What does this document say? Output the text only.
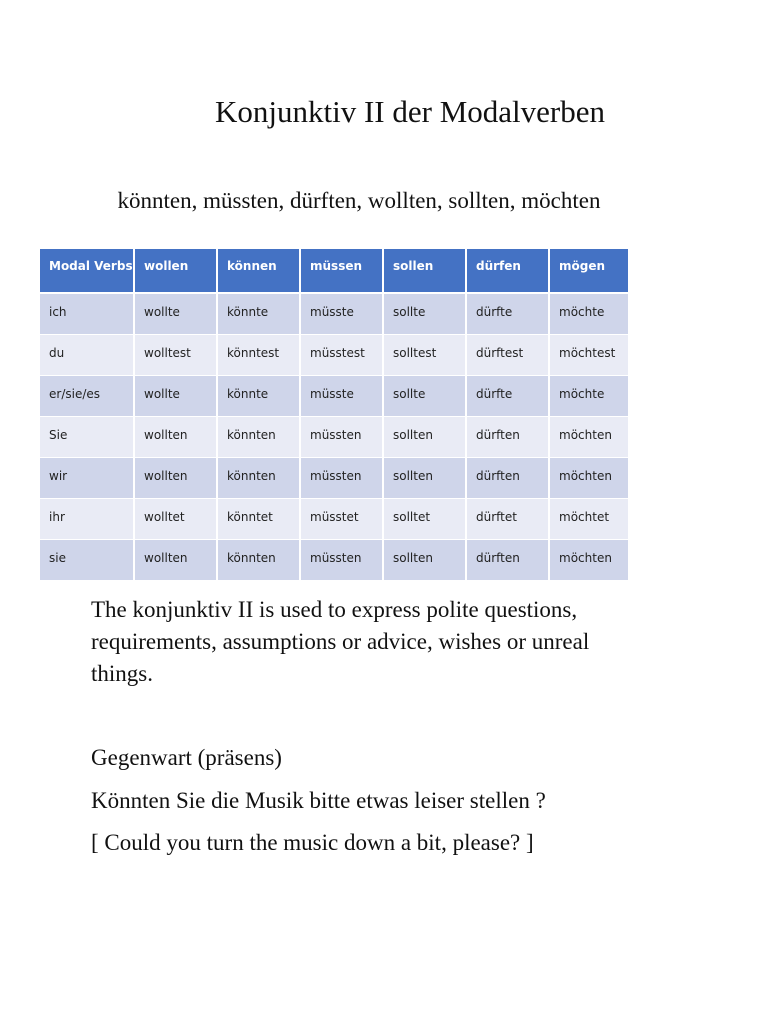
Konjunktiv II der Modalverben
könnten, müssten, dürften, wollten, sollten, möchten
Modal Verbs	wollen	können	müssen	sollen	dürfen	mögen
ich	wollte	könnte	müsste	sollte	dürfte	möchte
du	wolltest	könntest	müsstest	solltest	dürftest	möchtest
er/sie/es	wollte	könnte	müsste	sollte	dürfte	möchte
Sie	wollten	könnten	müssten	sollten	dürften	möchten
wir	wollten	könnten	müssten	sollten	dürften	möchten
ihr	wolltet	könntet	müsstet	solltet	dürftet	möchtet
sie	wollten	könnten	müssten	sollten	dürften	möchten
The konjunktiv II is used to express polite questions, requirements, assumptions or advice, wishes or unreal things.
Gegenwart (präsens)
Könnten Sie die Musik bitte etwas leiser stellen ?
[ Could you turn the music down a bit, please? ]
